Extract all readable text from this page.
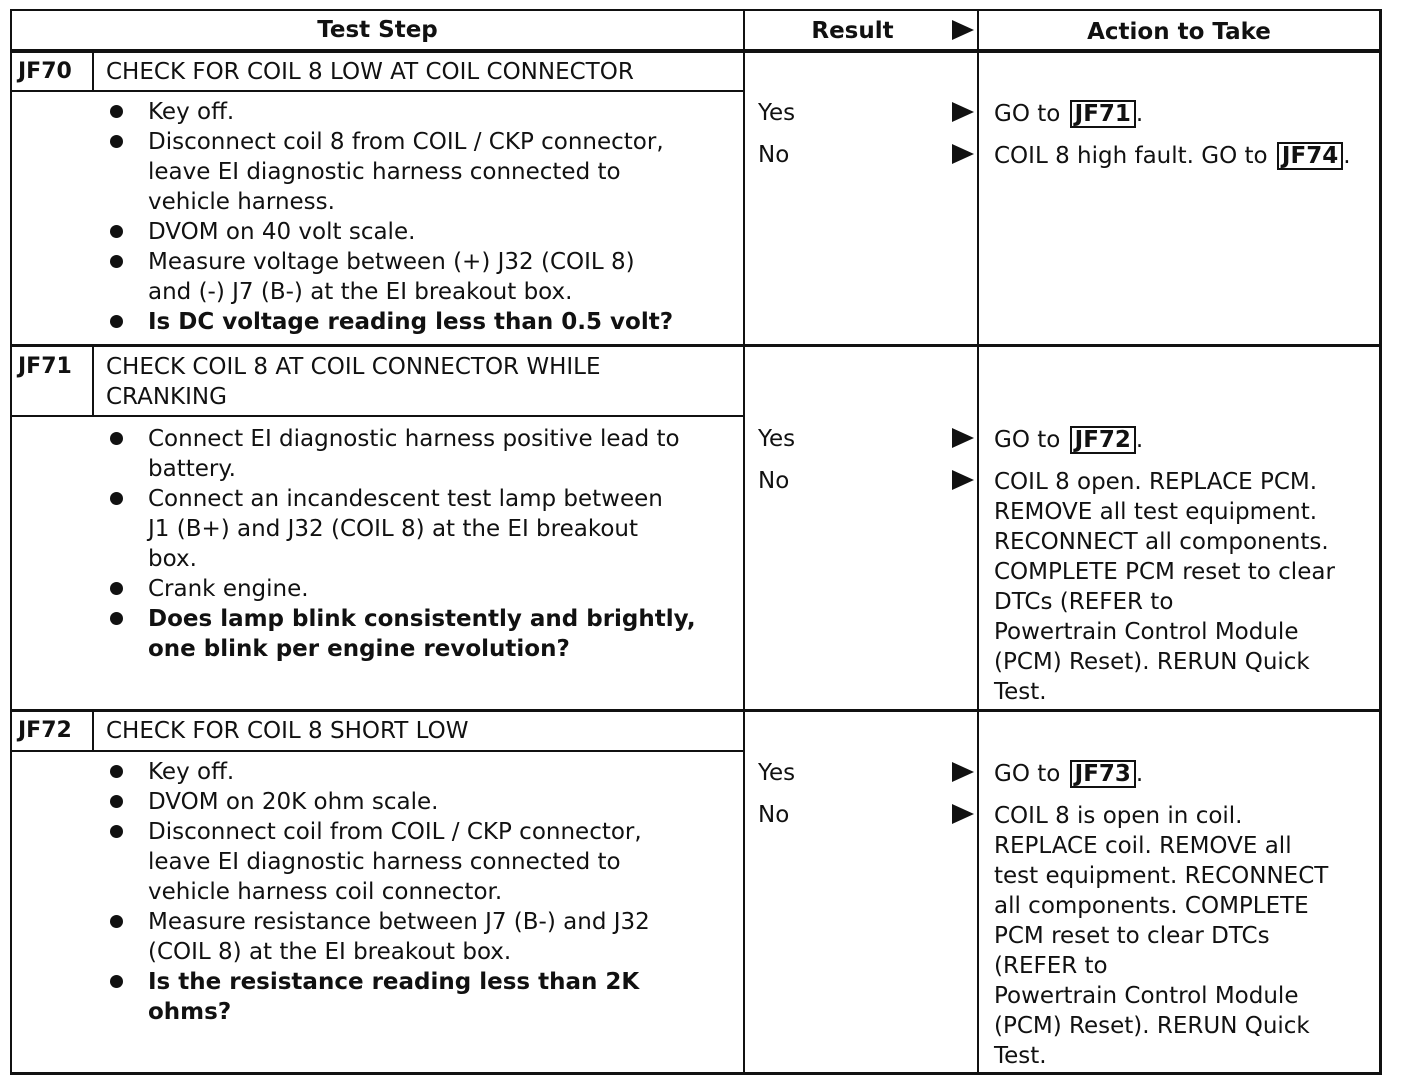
Test Step	Result	Action to Take
JF70 CHECK FOR COIL 8 LOW AT COIL CONNECTOR
Key off.
Disconnect coil 8 from COIL / CKP connector,
leave EI diagnostic harness connected to
vehicle harness.
DVOM on 40 volt scale.
Measure voltage between (+) J32 (COIL 8)
and (-) J7 (B-) at the EI breakout box.
Is DC voltage reading less than 0.5 volt?
Yes
No
GO to JF71 .
COIL 8 high fault. GO to JF74 .
JF71 CHECK COIL 8 AT COIL CONNECTOR WHILE
CRANKING
Connect EI diagnostic harness positive lead to
battery.
Connect an incandescent test lamp between
J1 (B+) and J32 (COIL 8) at the EI breakout
box.
Crank engine.
Does lamp blink consistently and brightly,
one blink per engine revolution?
Yes
No
GO to JF72 .
COIL 8 open. REPLACE PCM.
REMOVE all test equipment.
RECONNECT all components.
COMPLETE PCM reset to clear
DTCs (REFER to
Powertrain Control Module
(PCM) Reset). RERUN Quick
Test.
JF72 CHECK FOR COIL 8 SHORT LOW
Key off.
DVOM on 20K ohm scale.
Disconnect coil from COIL / CKP connector,
leave EI diagnostic harness connected to
vehicle harness coil connector.
Measure resistance between J7 (B-) and J32
(COIL 8) at the EI breakout box.
Is the resistance reading less than 2K
ohms?
Yes
No
GO to JF73 .
COIL 8 is open in coil.
REPLACE coil. REMOVE all
test equipment. RECONNECT
all components. COMPLETE
PCM reset to clear DTCs
(REFER to
Powertrain Control Module
(PCM) Reset). RERUN Quick
Test.
